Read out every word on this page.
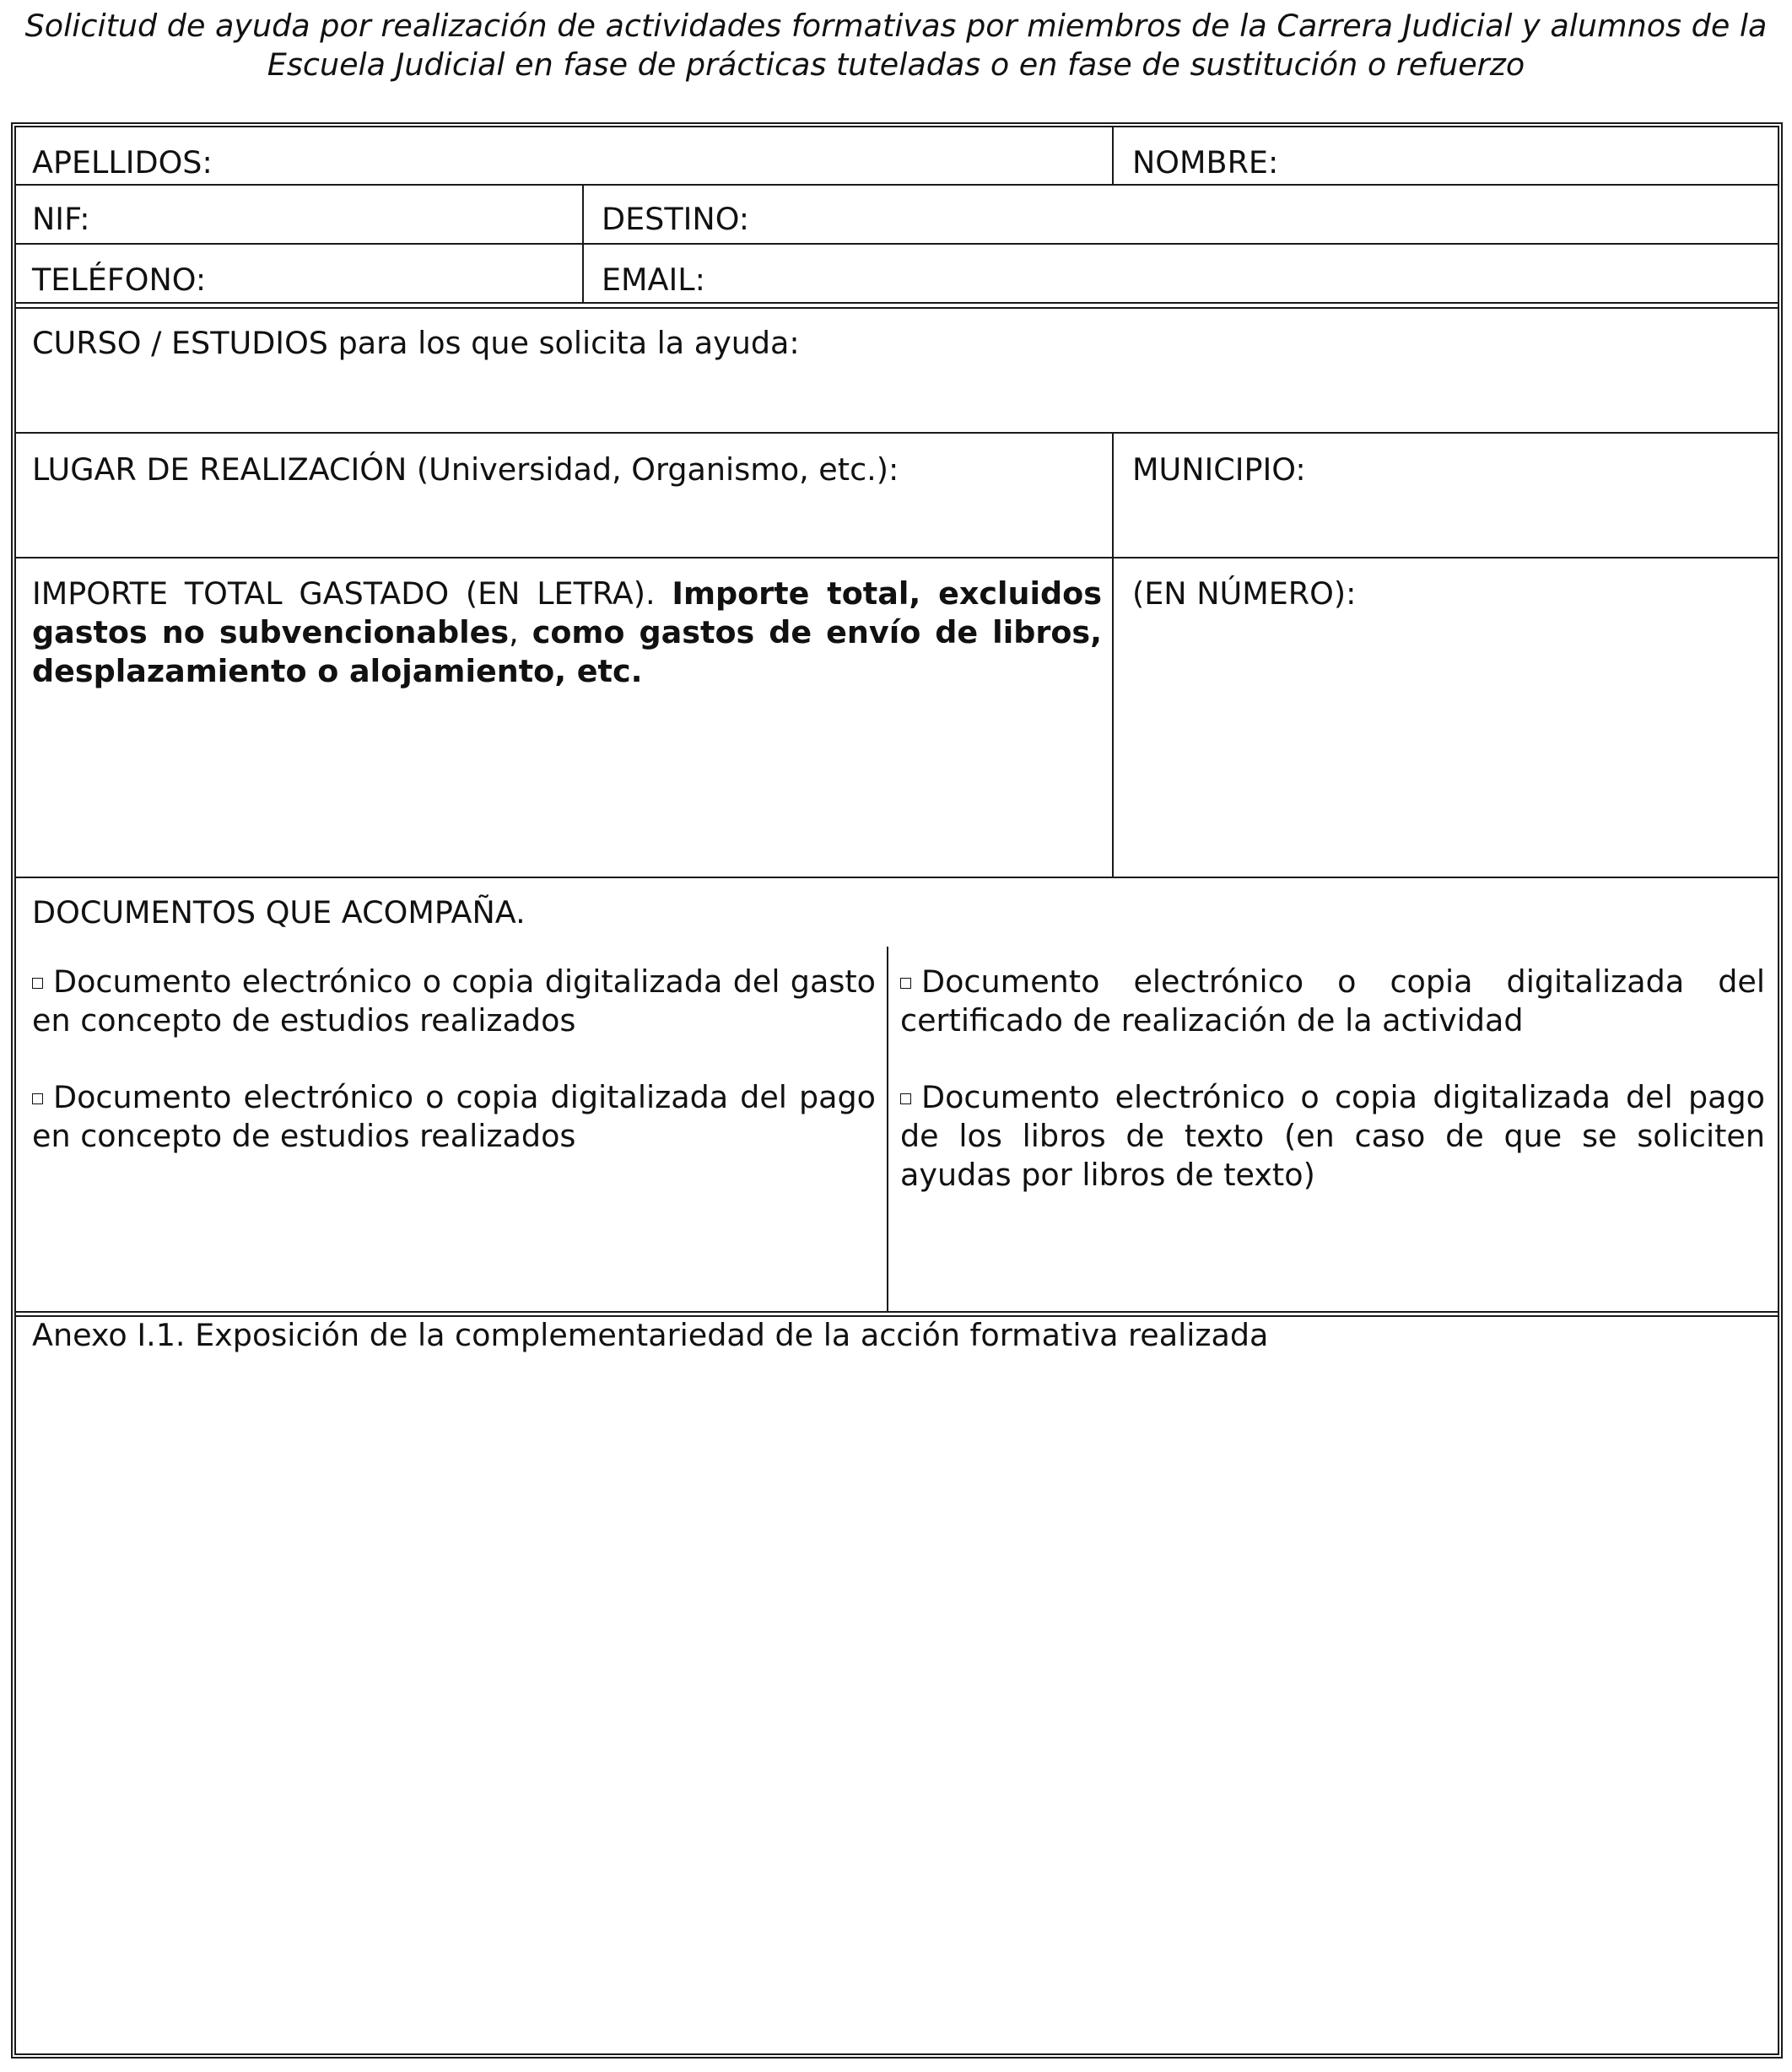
Solicitud de ayuda por realización de actividades formativas por miembros de la Carrera Judicial y alumnos de la
Escuela Judicial en fase de prácticas tuteladas o en fase de sustitución o refuerzo
APELLIDOS:	NOMBRE:
NIF:	DESTINO:
TELÉFONO:	EMAIL:
CURSO / ESTUDIOS para los que solicita la ayuda:
LUGAR DE REALIZACIÓN (Universidad, Organismo, etc.):	MUNICIPIO:
IMPORTE TOTAL GASTADO (EN LETRA). Importe total, excluidos gastos no subvencionables, como gastos de envío de libros, desplazamiento o alojamiento, etc.
(EN NÚMERO):
DOCUMENTOS QUE ACOMPAÑA.
Documento electrónico o copia digitalizada del gasto en concepto de estudios realizados
Documento electrónico o copia digitalizada del pago en concepto de estudios realizados
Documento electrónico o copia digitalizada del certificado de realización de la actividad
Documento electrónico o copia digitalizada del pago de los libros de texto (en caso de que se soliciten ayudas por libros de texto)
Anexo I.1. Exposición de la complementariedad de la acción formativa realizada
